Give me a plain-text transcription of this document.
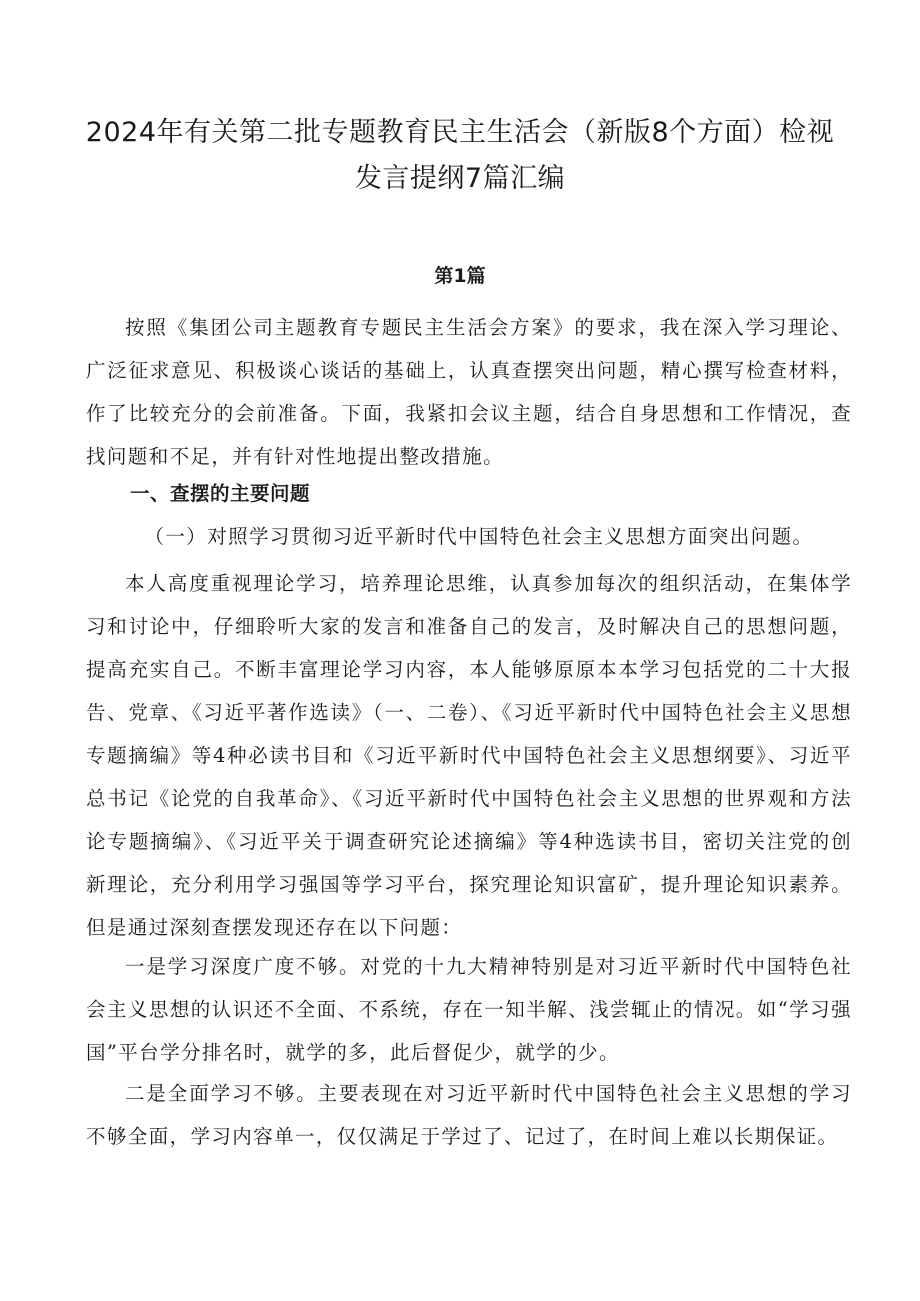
2024年有关第二批专题教育民主生活会（新版8个方面）检视发言提纲7篇汇编
第1篇

按照《集团公司主题教育专题民主生活会方案》的要求，我在深入学习理论、广泛征求意见、积极谈心谈话的基础上，认真查摆突出问题，精心撰写检查材料，作了比较充分的会前准备。下面，我紧扣会议主题，结合自身思想和工作情况，查找问题和不足，并有针对性地提出整改措施。

一、查摆的主要问题

（一）对照学习贯彻习近平新时代中国特色社会主义思想方面突出问题。

本人高度重视理论学习，培养理论思维，认真参加每次的组织活动，在集体学习和讨论中，仔细聆听大家的发言和准备自己的发言，及时解决自己的思想问题，提高充实自己。不断丰富理论学习内容，本人能够原原本本学习包括党的二十大报告、党章、《习近平著作选读》（一、二卷）、《习近平新时代中国特色社会主义思想专题摘编》等4种必读书目和《习近平新时代中国特色社会主义思想纲要》、习近平总书记《论党的自我革命》、《习近平新时代中国特色社会主义思想的世界观和方法论专题摘编》、《习近平关于调查研究论述摘编》等4种选读书目，密切关注党的创新理论，充分利用学习强国等学习平台，探究理论知识富矿，提升理论知识素养。但是通过深刻查摆发现还存在以下问题：

一是学习深度广度不够。对党的十九大精神特别是对习近平新时代中国特色社会主义思想的认识还不全面、不系统，存在一知半解、浅尝辄止的情况。如“学习强国”平台学分排名时，就学的多，此后督促少，就学的少。

二是全面学习不够。主要表现在对习近平新时代中国特色社会主义思想的学习不够全面，学习内容单一，仅仅满足于学过了、记过了，在时间上难以长期保证。
